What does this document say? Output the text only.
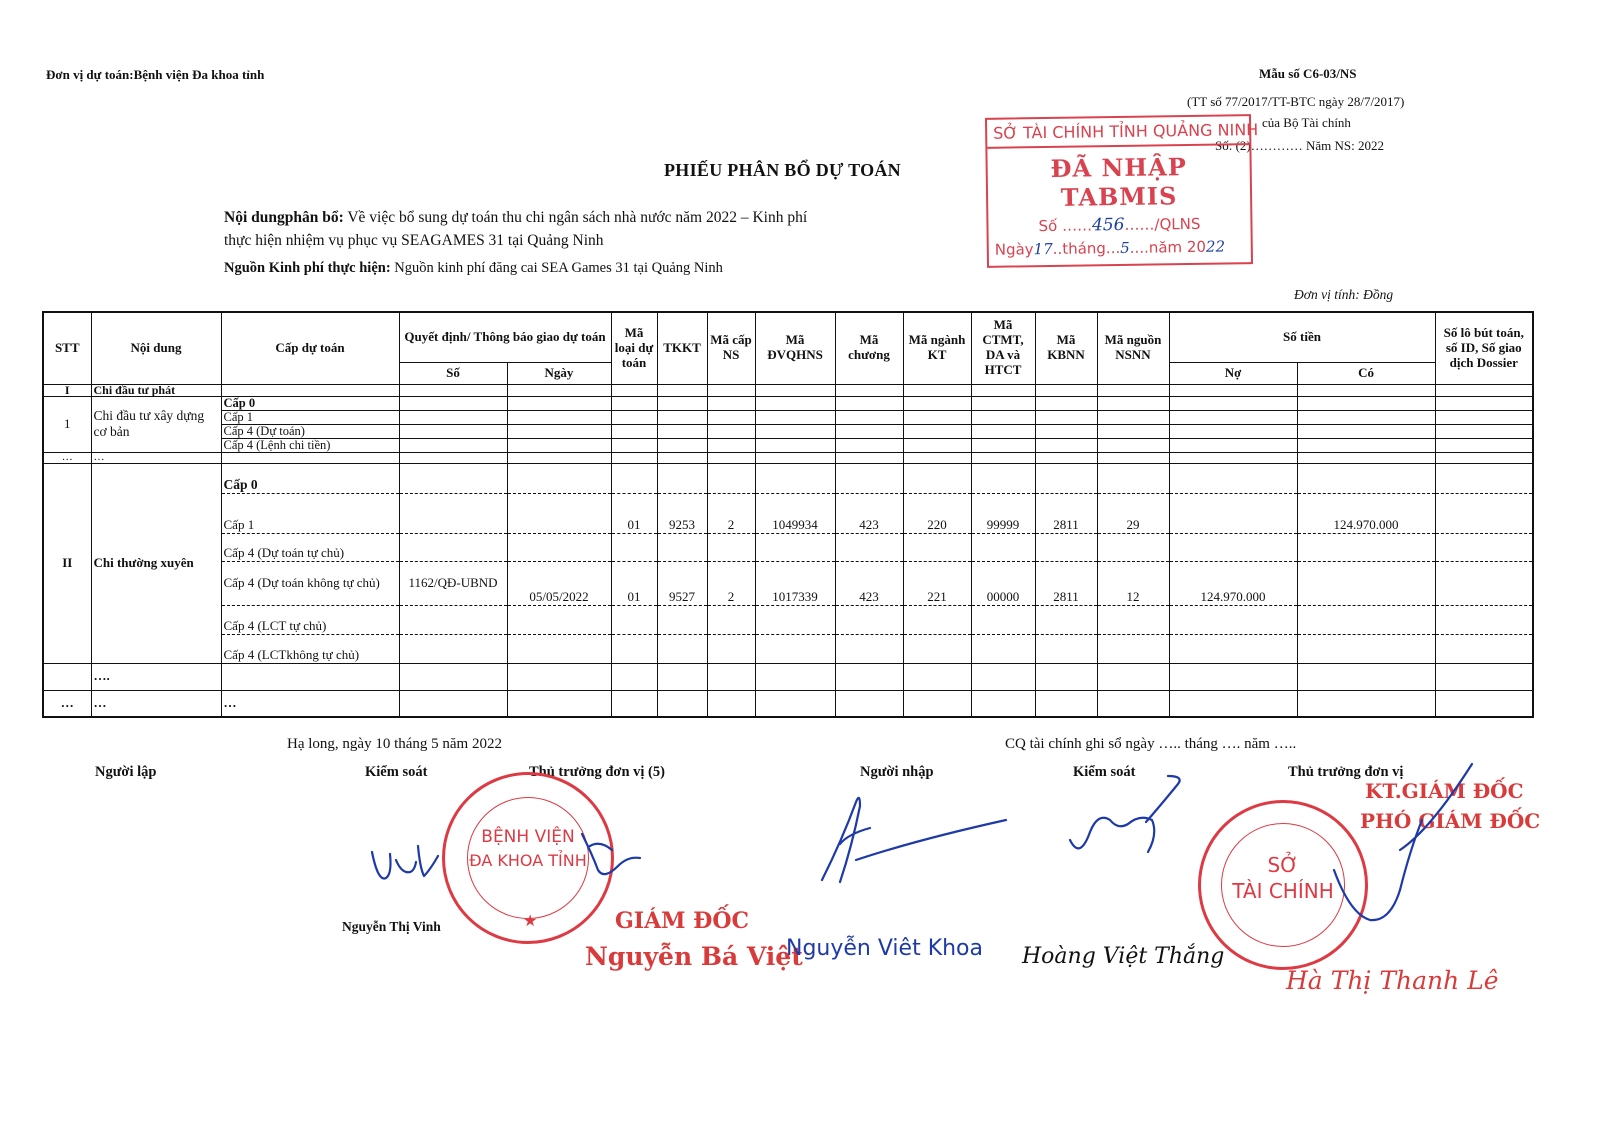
Đơn vị dự toán:Bệnh viện Đa khoa tỉnh	Mẫu số C6-03/NS
(TT số 77/2017/TT-BTC ngày 28/7/2017)
của Bộ Tài chính
Số: (2)………… Năm NS: 2022
PHIẾU PHÂN BỔ DỰ TOÁN
Nội dungphân bổ: Về việc bổ sung dự toán thu chi ngân sách nhà nước năm 2022 – Kinh phí
thực hiện nhiệm vụ phục vụ SEAGAMES 31 tại Quảng Ninh
Nguồn Kinh phí thực hiện: Nguồn kinh phí đăng cai SEA Games 31 tại Quảng Ninh
Đơn vị tính: Đồng
SỞ TÀI CHÍNH TỈNH QUẢNG NINH
ĐÃ NHẬP TABMIS
Số ……456……/QLNS
Ngày17..tháng...5....năm 2022
STT	Nội dung	Cấp dự toán	Quyết định/ Thông báo giao dự toán		Mã loại dự toán	TKKT	Mã cấp NS	Mã ĐVQHNS	Mã chương	Mã ngành KT	Mã CTMT, DA và HTCT	Mã KBNN	Mã nguồn NSNN	Số tiền		Số lô bút toán, số ID, Số giao dịch Dossier
			Số	Ngày										Nợ	Có	
I	Chi đầu tư phát															
1	Chi đầu tư xây dựng cơ bản	Cấp 0														
		Cấp 1														
		Cấp 4 (Dự toán)														
		Cấp 4 (Lệnh chi tiền)														
…	…															
II	Chi thường xuyên	Cấp 0														
		Cấp 1			01	9253	2	1049934	423	220	99999	2811	29		124.970.000	
		Cấp 4 (Dự toán tự chủ)														
		Cấp 4 (Dự toán không tự chủ)	1162/QĐ-UBND	05/05/2022	01	9527	2	1017339	423	221	00000	2811	12	124.970.000		
		Cấp 4 (LCT tự chủ)														
		Cấp 4 (LCTkhông tự chủ)														
	….															
…	…	…														
Hạ long, ngày 10 tháng 5 năm 2022	CQ tài chính ghi sổ ngày ….. tháng …. năm …..
Người lập	Kiểm soát	Thủ trưởng đơn vị (5)	Người nhập	Kiểm soát	Thủ trưởng đơn vị
KT.GIÁM ĐỐC
PHÓ GIÁM ĐỐC
BỆNH VIỆN
ĐA KHOA TỈNH
★
SỞ
TÀI CHÍNH
Nguyễn Thị Vinh	GIÁM ĐỐC
Nguyễn Bá Việt
Nguyễn Viêt Khoa Hoàng Việt Thắng
Hà Thị Thanh Lê
